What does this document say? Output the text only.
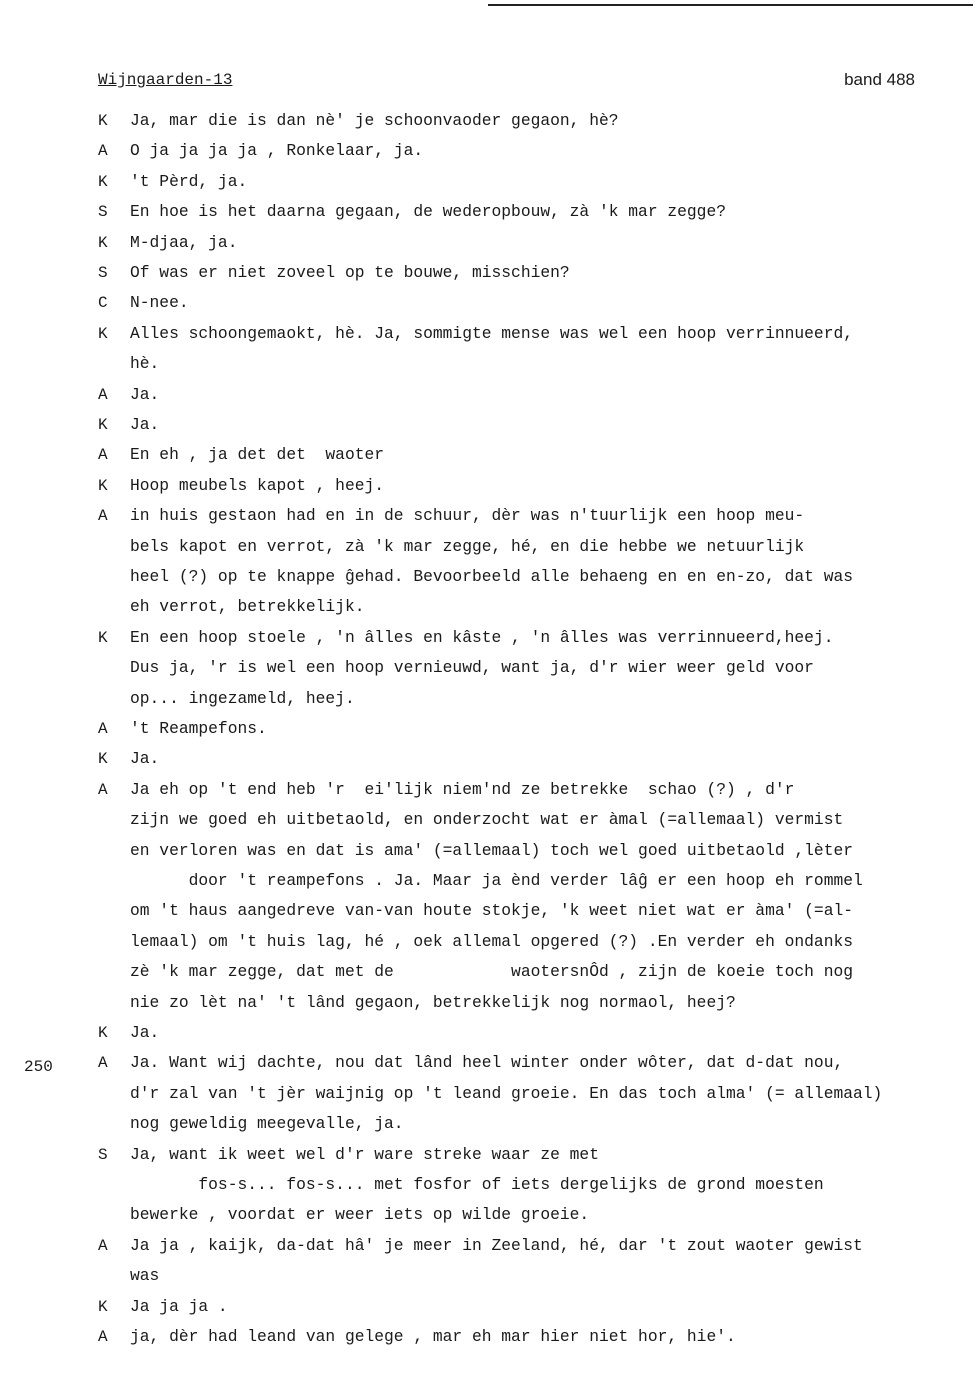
Wijngaarden-13	band 488
250
K Ja, mar die is dan nè' je schoonvaoder gegaon, hè?
A O ja ja ja ja , Ronkelaar, ja.
K 't Pèrd, ja.
S En hoe is het daarna gegaan, de wederopbouw, zà 'k mar zegge?
K M-djaa, ja.
S Of was er niet zoveel op te bouwe, misschien?
C N-nee.
K Alles schoongemaokt, hè. Ja, sommigte mense was wel een hoop verrinnueerd,
hè.
A Ja.
K Ja.
A En eh , ja det det  waoter
K Hoop meubels kapot , heej.
A in huis gestaon had en in de schuur, dèr was n'tuurlijk een hoop meu-
bels kapot en verrot, zà 'k mar zegge, hé, en die hebbe we netuurlijk
heel (?) op te knappe ĝehad. Bevoorbeeld alle behaeng en en en-zo, dat was
eh verrot, betrekkelijk.
K En een hoop stoele , 'n âlles en kâste , 'n âlles was verrinnueerd,heej.
Dus ja, 'r is wel een hoop vernieuwd, want ja, d'r wier weer geld voor
op... ingezameld, heej.
A 't Reampefons.
K Ja.
A Ja eh op 't end heb 'r  ei'lijk niem'nd ze betrekke  schao (?) , d'r
zijn we goed eh uitbetaold, en onderzocht wat er àmal (=allemaal) vermist
en verloren was en dat is ama' (=allemaal) toch wel goed uitbetaold ,lèter
door 't reampefons . Ja. Maar ja ènd verder lâĝ er een hoop eh rommel
om 't haus aangedreve van-van houte stokje, 'k weet niet wat er àma' (=al-
lemaal) om 't huis lag, hé , oek allemal opgered (?) .En verder eh ondanks
zè 'k mar zegge, dat met de            waotersnÔd , zijn de koeie toch nog
nie zo lèt na' 't lând gegaon, betrekkelijk nog normaol, heej?
K Ja.
A Ja. Want wij dachte, nou dat lând heel winter onder wôter, dat d-dat nou,
d'r zal van 't jèr waijnig op 't leand groeie. En das toch alma' (= allemaal)
nog geweldig meegevalle, ja.
S Ja, want ik weet wel d'r ware streke waar ze met
fos-s... fos-s... met fosfor of iets dergelijks de grond moesten
bewerke , voordat er weer iets op wilde groeie.
A Ja ja , kaijk, da-dat hâ' je meer in Zeeland, hé, dar 't zout waoter gewist
was
K Ja ja ja .
A ja, dèr had leand van gelege , mar eh mar hier niet hor, hie'.
